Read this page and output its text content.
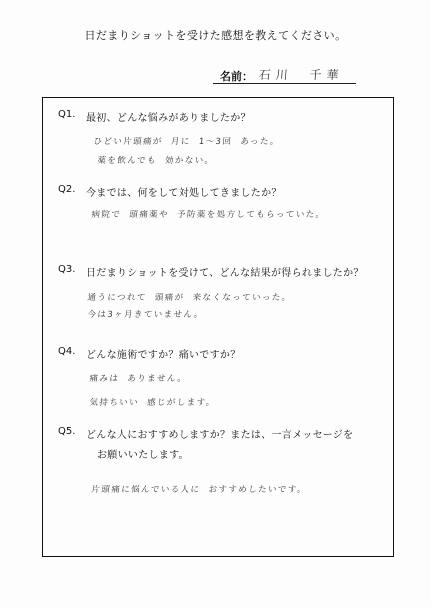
日だまりショットを受けた感想を教えてください。
名前： 石川 千華
Q1. 最初、どんな悩みがありましたか？
ひどい片頭痛が 月に 1〜3回 あった。
薬を飲んでも 効かない。
Q2. 今までは、何をして対処してきましたか？
病院で 頭痛薬や 予防薬を処方してもらっていた。
Q3. 日だまりショットを受けて、どんな結果が得られましたか？
通うにつれて 頭痛が 来なくなっていった。
今は3ヶ月きていません。
Q4. どんな施術ですか？痛いですか？
痛みは ありません。
気持ちいい 感じがします。
Q5. どんな人におすすめしますか？または、一言メッセージを
お願いいたします。
片頭痛に悩んでいる人に おすすめしたいです。
